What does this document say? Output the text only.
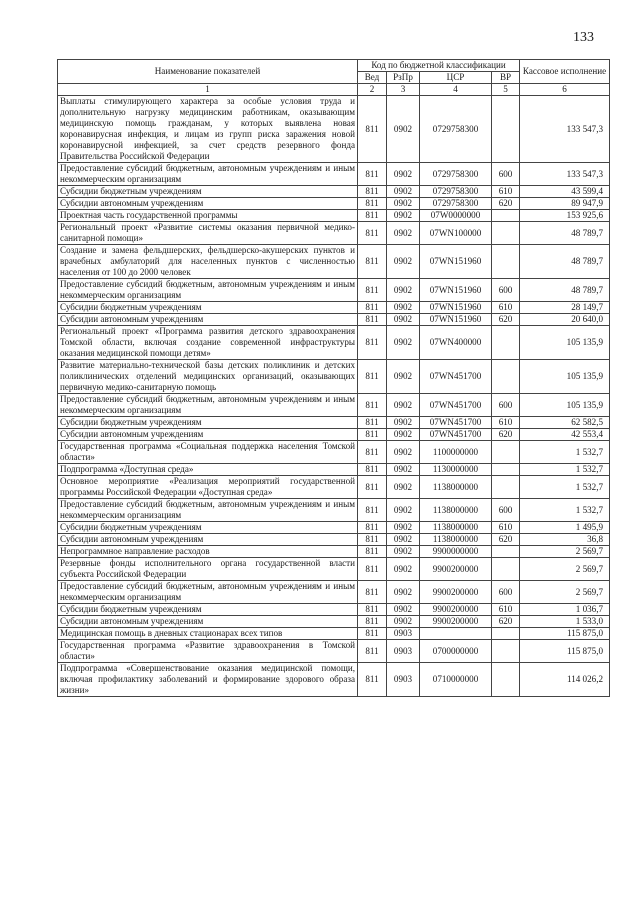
133
Наименование показателей	Код по бюджетной классификации				Кассовое исполнение
	Вед	РзПр	ЦСР	ВР	
1	2	3	4	5	6
Выплаты стимулирующего характера за особые условия труда и дополнительную нагрузку медицинским работникам, оказывающим медицинскую помощь гражданам, у которых выявлена новая коронавирусная инфекция, и лицам из групп риска заражения новой коронавирусной инфекцией, за счет средств резервного фонда Правительства Российской Федерации	811	0902	0729758300		133 547,3
Предоставление субсидий бюджетным, автономным учреждениям и иным некоммерческим организациям	811	0902	0729758300	600	133 547,3
Субсидии бюджетным учреждениям	811	0902	0729758300	610	43 599,4
Субсидии автономным учреждениям	811	0902	0729758300	620	89 947,9
Проектная часть государственной программы	811	0902	07W0000000		153 925,6
Региональный проект «Развитие системы оказания первичной медико-санитарной помощи»	811	0902	07WN100000		48 789,7
Создание и замена фельдшерских, фельдшерско-акушерских пунктов и врачебных амбулаторий для населенных пунктов с численностью населения от 100 до 2000 человек	811	0902	07WN151960		48 789,7
Предоставление субсидий бюджетным, автономным учреждениям и иным некоммерческим организациям	811	0902	07WN151960	600	48 789,7
Субсидии бюджетным учреждениям	811	0902	07WN151960	610	28 149,7
Субсидии автономным учреждениям	811	0902	07WN151960	620	20 640,0
Региональный проект «Программа развития детского здравоохранения Томской области, включая создание современной инфраструктуры оказания медицинской помощи детям»	811	0902	07WN400000		105 135,9
Развитие материально-технической базы детских поликлиник и детских поликлинических отделений медицинских организаций, оказывающих первичную медико-санитарную помощь	811	0902	07WN451700		105 135,9
Предоставление субсидий бюджетным, автономным учреждениям и иным некоммерческим организациям	811	0902	07WN451700	600	105 135,9
Субсидии бюджетным учреждениям	811	0902	07WN451700	610	62 582,5
Субсидии автономным учреждениям	811	0902	07WN451700	620	42 553,4
Государственная программа «Социальная поддержка населения Томской области»	811	0902	1100000000		1 532,7
Подпрограмма «Доступная среда»	811	0902	1130000000		1 532,7
Основное мероприятие «Реализация мероприятий государственной программы Российской Федерации «Доступная среда»	811	0902	1138000000		1 532,7
Предоставление субсидий бюджетным, автономным учреждениям и иным некоммерческим организациям	811	0902	1138000000	600	1 532,7
Субсидии бюджетным учреждениям	811	0902	1138000000	610	1 495,9
Субсидии автономным учреждениям	811	0902	1138000000	620	36,8
Непрограммное направление расходов	811	0902	9900000000		2 569,7
Резервные фонды исполнительного органа государственной власти субъекта Российской Федерации	811	0902	9900200000		2 569,7
Предоставление субсидий бюджетным, автономным учреждениям и иным некоммерческим организациям	811	0902	9900200000	600	2 569,7
Субсидии бюджетным учреждениям	811	0902	9900200000	610	1 036,7
Субсидии автономным учреждениям	811	0902	9900200000	620	1 533,0
Медицинская помощь в дневных стационарах всех типов	811	0903			115 875,0
Государственная программа «Развитие здравоохранения в Томской области»	811	0903	0700000000		115 875,0
Подпрограмма «Совершенствование оказания медицинской помощи, включая профилактику заболеваний и формирование здорового образа жизни»	811	0903	0710000000		114 026,2
